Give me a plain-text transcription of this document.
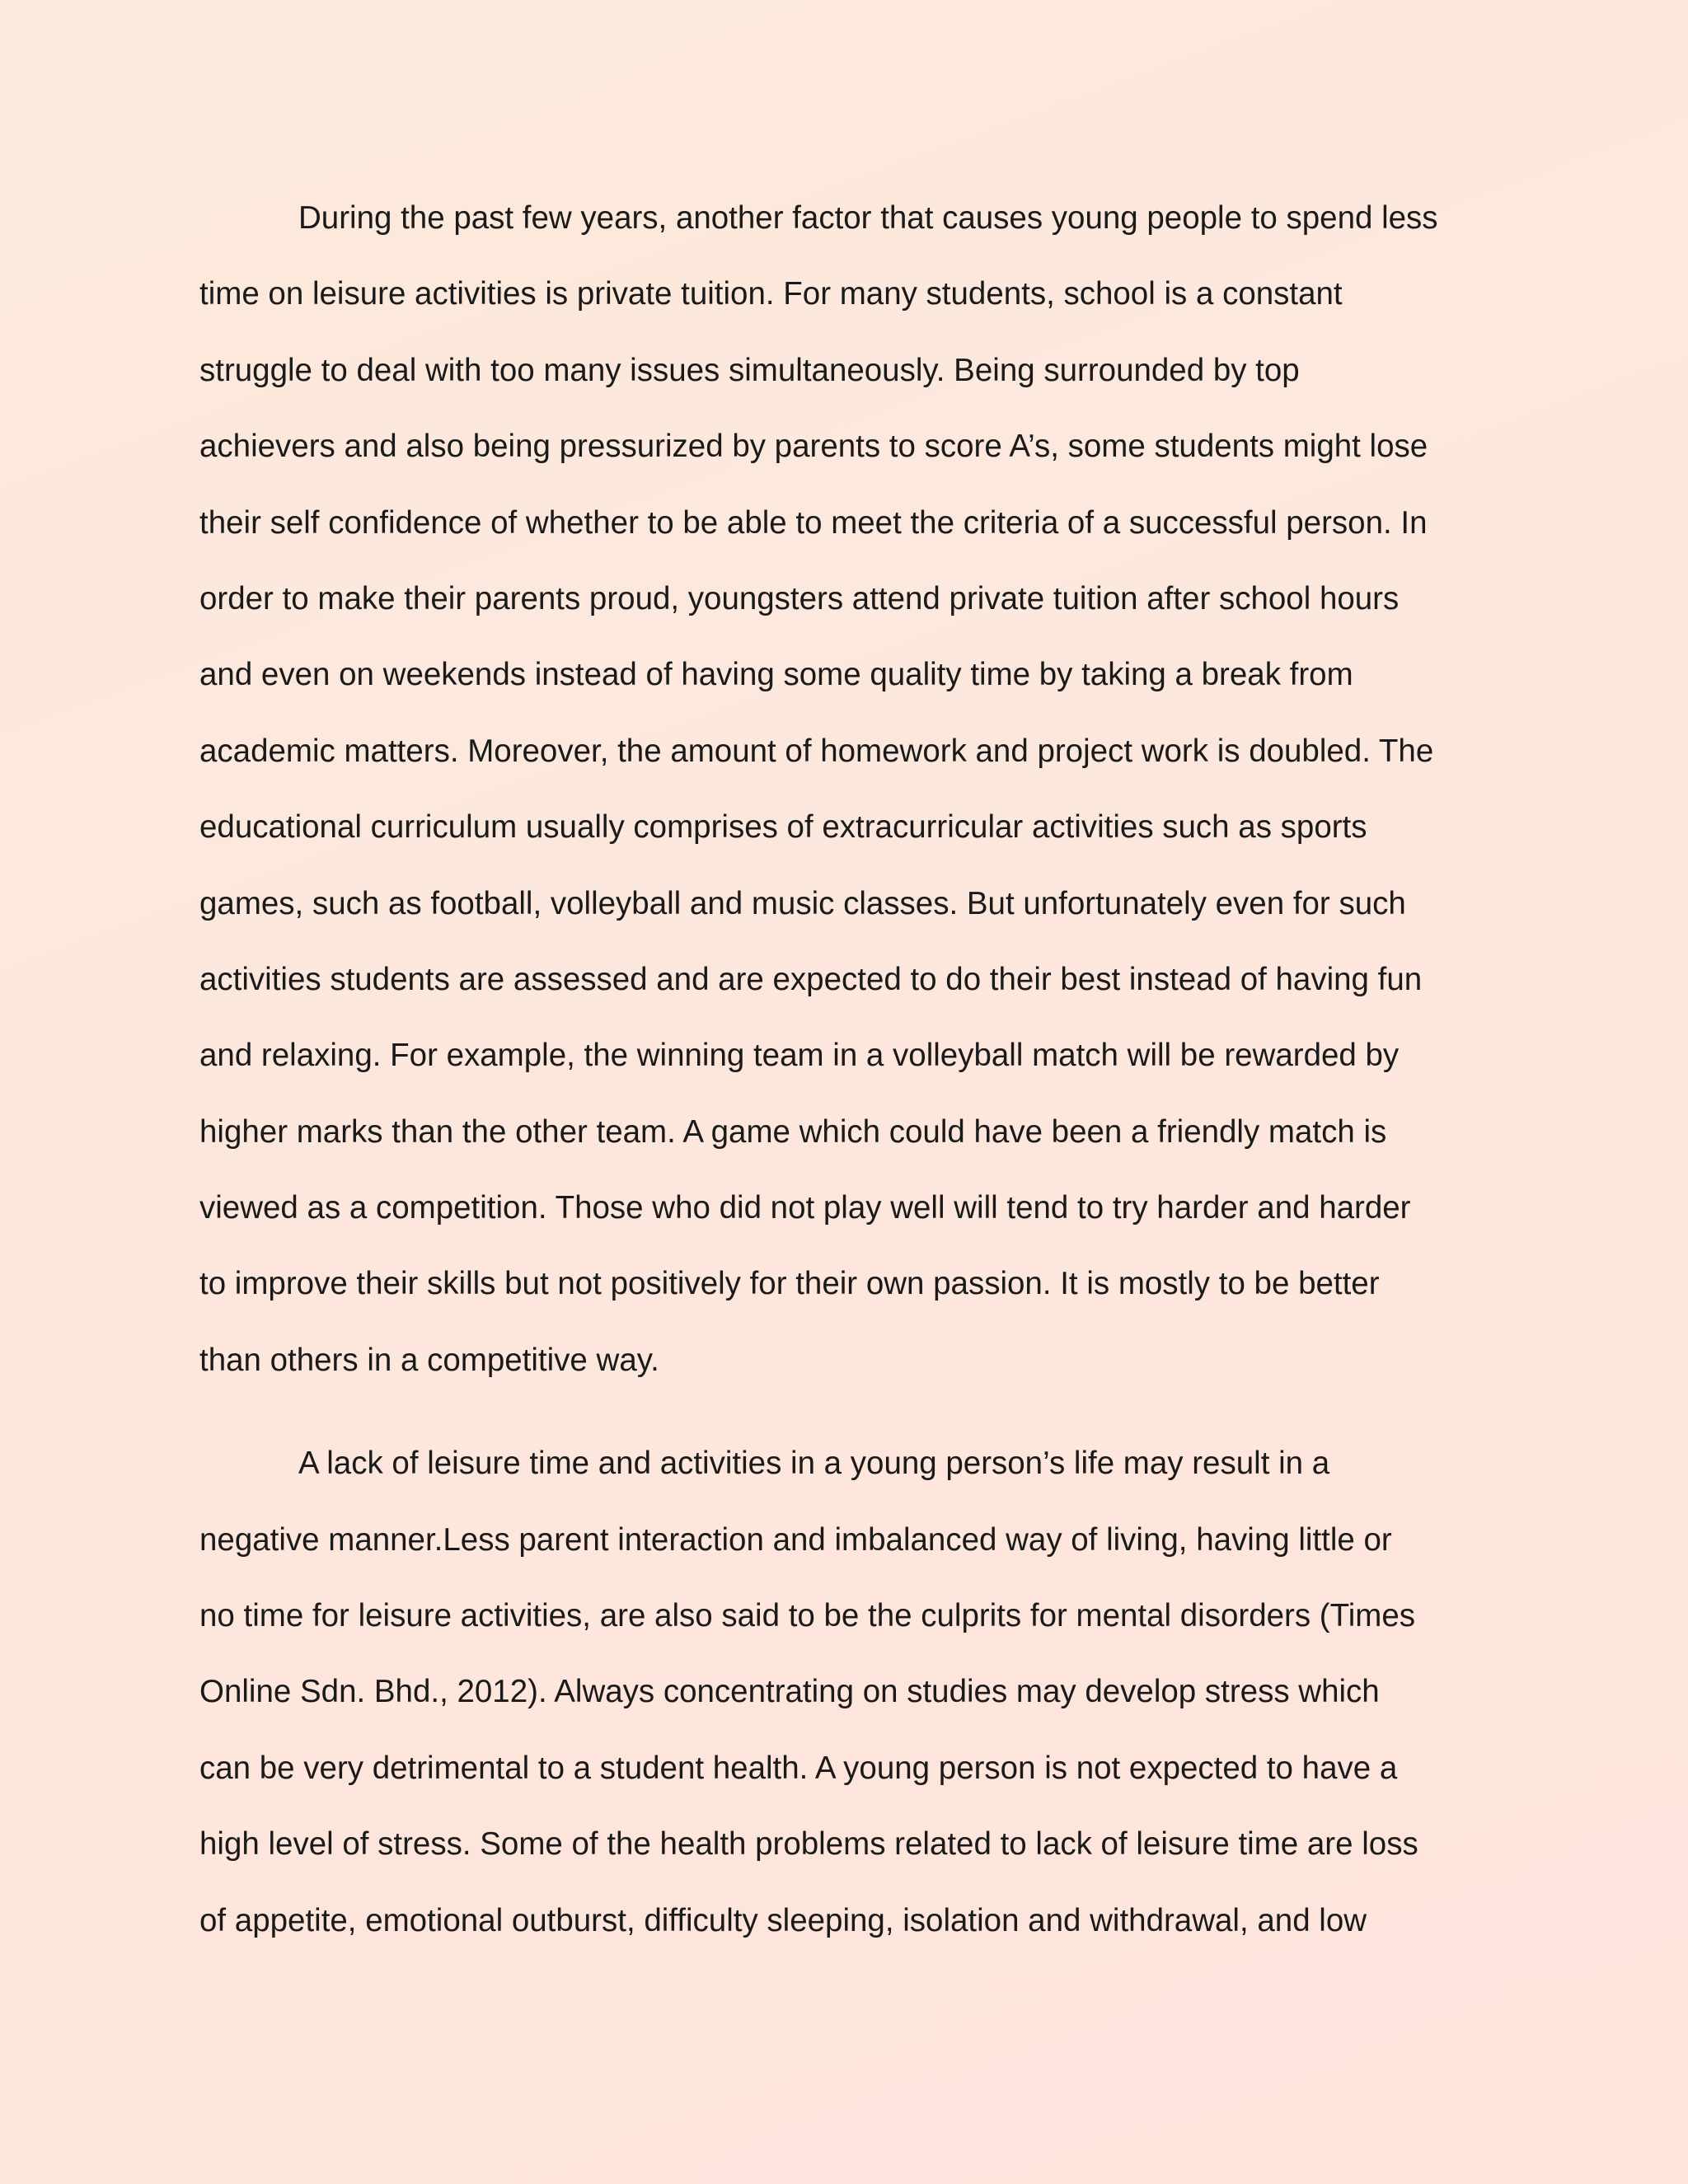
During the past few years, another factor that causes young people to spend less
time on leisure activities is private tuition. For many students, school is a constant
struggle to deal with too many issues simultaneously. Being surrounded by top
achievers and also being pressurized by parents to score A’s, some students might lose
their self confidence of whether to be able to meet the criteria of a successful person. In
order to make their parents proud, youngsters attend private tuition after school hours
and even on weekends instead of having some quality time by taking a break from
academic matters. Moreover, the amount of homework and project work is doubled. The
educational curriculum usually comprises of extracurricular activities such as sports
games, such as football, volleyball and music classes. But unfortunately even for such
activities students are assessed and are expected to do their best instead of having fun
and relaxing. For example, the winning team in a volleyball match will be rewarded by
higher marks than the other team. A game which could have been a friendly match is
viewed as a competition. Those who did not play well will tend to try harder and harder
to improve their skills but not positively for their own passion. It is mostly to be better
than others in a competitive way.
A lack of leisure time and activities in a young person’s life may result in a
negative manner.Less parent interaction and imbalanced way of living, having little or
no time for leisure activities, are also said to be the culprits for mental disorders (Times
Online Sdn. Bhd., 2012). Always concentrating on studies may develop stress which
can be very detrimental to a student health. A young person is not expected to have a
high level of stress. Some of the health problems related to lack of leisure time are loss
of appetite, emotional outburst, difficulty sleeping, isolation and withdrawal, and low
